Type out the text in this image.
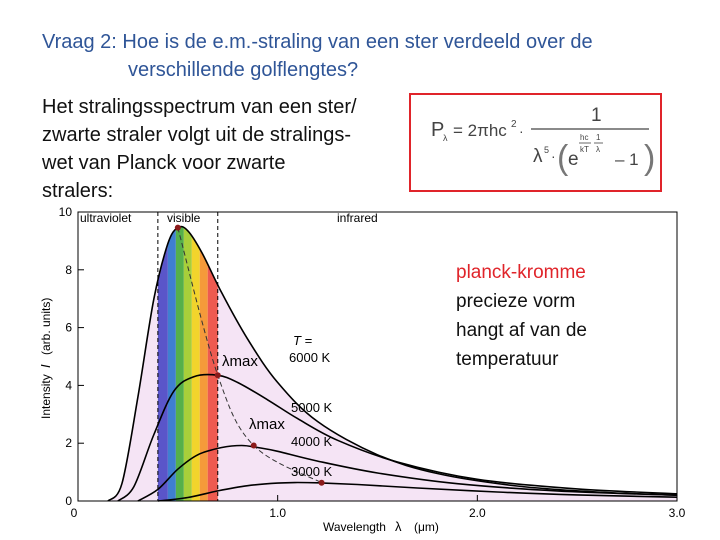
Vraag 2: Hoe is de e.m.-straling van een ster verdeeld over de
verschillende golflengtes?
Het stralingsspectrum van een ster/
zwarte straler volgt uit de stralings-
wet van Planck voor zwarte
stralers:
P
λ = 2πhc 2 ·
1
λ 5 · ( e
hc
kT
1
λ
– 1 )
0
2
4
6
8
10
1.0	2.0	3.0
0
ultraviolet	visible	infrared
T =
6000 K
5000 K
4000 K
3000 K
λmax
λmax
Intensity
I
(arb. units)
Wavelength λ (μm)
planck-kromme
precieze vorm
hangt af van de
temperatuur
